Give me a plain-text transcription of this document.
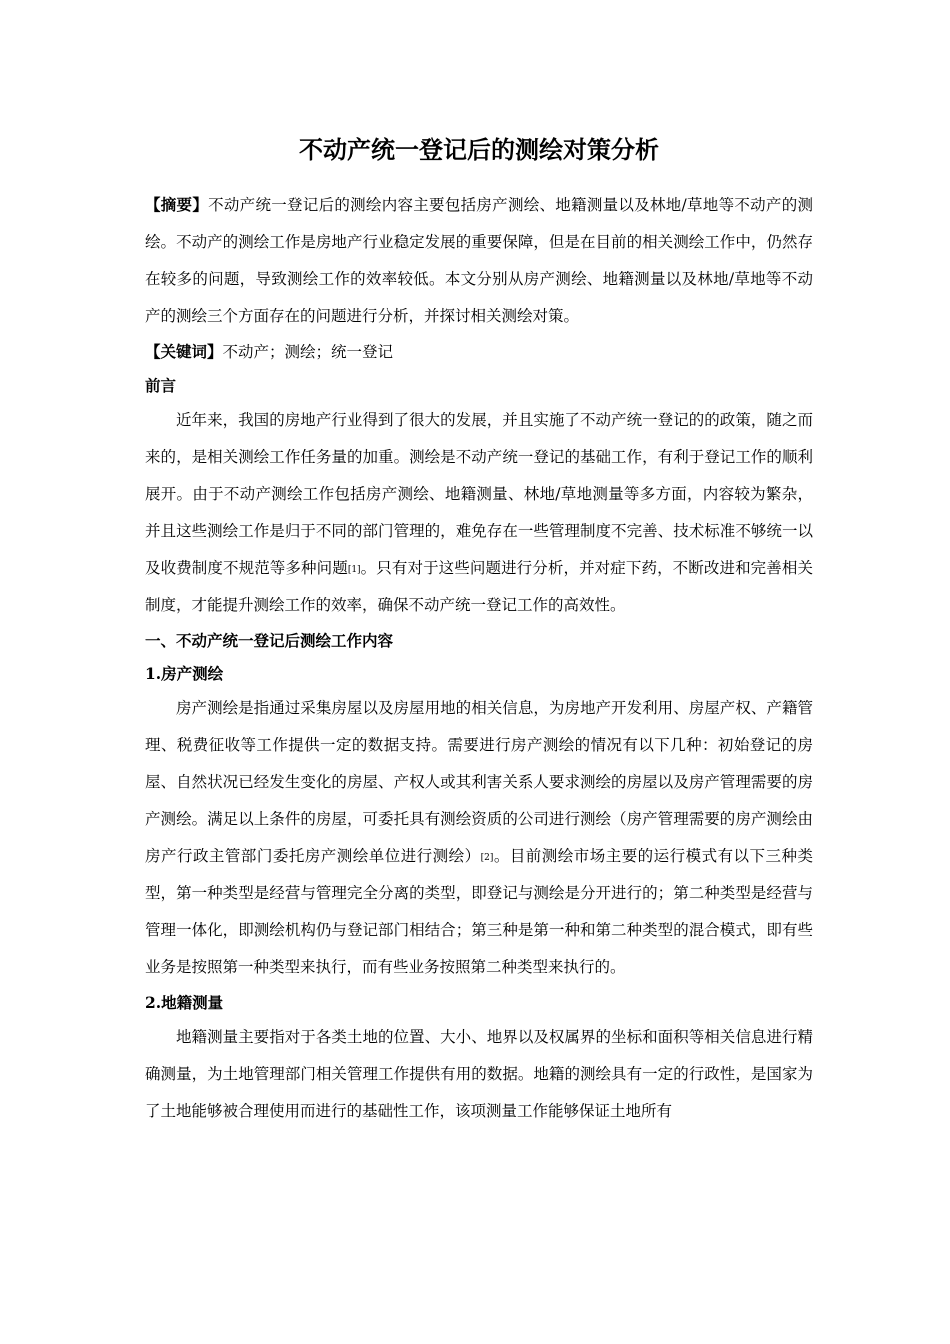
不动产统一登记后的测绘对策分析

【摘要】不动产统一登记后的测绘内容主要包括房产测绘、地籍测量以及林地/草地等不动产的测绘。不动产的测绘工作是房地产行业稳定发展的重要保障，但是在目前的相关测绘工作中，仍然存在较多的问题，导致测绘工作的效率较低。本文分别从房产测绘、地籍测量以及林地/草地等不动产的测绘三个方面存在的问题进行分析，并探讨相关测绘对策。

【关键词】不动产；测绘；统一登记

前言

近年来，我国的房地产行业得到了很大的发展，并且实施了不动产统一登记的的政策，随之而来的，是相关测绘工作任务量的加重。测绘是不动产统一登记的基础工作，有利于登记工作的顺利展开。由于不动产测绘工作包括房产测绘、地籍测量、林地/草地测量等多方面，内容较为繁杂，并且这些测绘工作是归于不同的部门管理的，难免存在一些管理制度不完善、技术标准不够统一以及收费制度不规范等多种问题[1]。只有对于这些问题进行分析，并对症下药，不断改进和完善相关制度，才能提升测绘工作的效率，确保不动产统一登记工作的高效性。

一、不动产统一登记后测绘工作内容
1.房产测绘

房产测绘是指通过采集房屋以及房屋用地的相关信息，为房地产开发利用、房屋产权、产籍管理、税费征收等工作提供一定的数据支持。需要进行房产测绘的情况有以下几种：初始登记的房屋、自然状况已经发生变化的房屋、产权人或其利害关系人要求测绘的房屋以及房产管理需要的房产测绘。满足以上条件的房屋，可委托具有测绘资质的公司进行测绘（房产管理需要的房产测绘由房产行政主管部门委托房产测绘单位进行测绘）[2]。目前测绘市场主要的运行模式有以下三种类型，第一种类型是经营与管理完全分离的类型，即登记与测绘是分开进行的；第二种类型是经营与管理一体化，即测绘机构仍与登记部门相结合；第三种是第一种和第二种类型的混合模式，即有些业务是按照第一种类型来执行，而有些业务按照第二种类型来执行的。

2.地籍测量

地籍测量主要指对于各类土地的位置、大小、地界以及权属界的坐标和面积等相关信息进行精确测量，为土地管理部门相关管理工作提供有用的数据。地籍的测绘具有一定的行政性，是国家为了土地能够被合理使用而进行的基础性工作，该项测量工作能够保证土地所有
